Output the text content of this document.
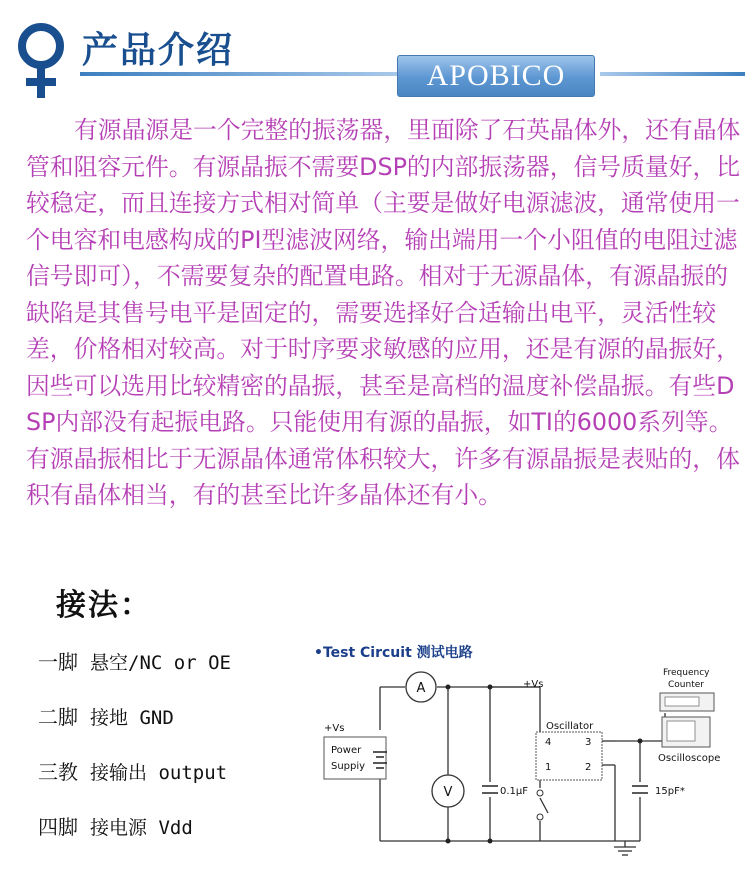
产品介绍
APOBICO

有源晶源是一个完整的振荡器，里面除了石英晶体外，还有晶体管和阻容元件。有源晶振不需要DSP的内部振荡器，信号质量好，比较稳定，而且连接方式相对简单（主要是做好电源滤波，通常使用一个电容和电感构成的PI型滤波网络，输出端用一个小阻值的电阻过滤信号即可），不需要复杂的配置电路。相对于无源晶体，有源晶振的缺陷是其售号电平是固定的，需要选择好合适输出电平，灵活性较差，价格相对较高。对于时序要求敏感的应用，还是有源的晶振好，因些可以选用比较精密的晶振，甚至是高档的温度补偿晶振。有些DSP内部没有起振电路。只能使用有源的晶振，如TI的6000系列等。有源晶振相比于无源晶体通常体积较大，许多有源晶振是表贴的，体积有晶体相当，有的甚至比许多晶体还有小。

接法：
一脚 悬空/NC or OE
二脚 接地 GND
三教 接输出 output
四脚 接电源 Vdd
•Test Circuit 测试电路
A
V
+Vs
Power
Suppiy
0.1μF
+Vs
Oscillator
4	3
1	2
15pF*
Frequency
Counter
Oscilloscope
